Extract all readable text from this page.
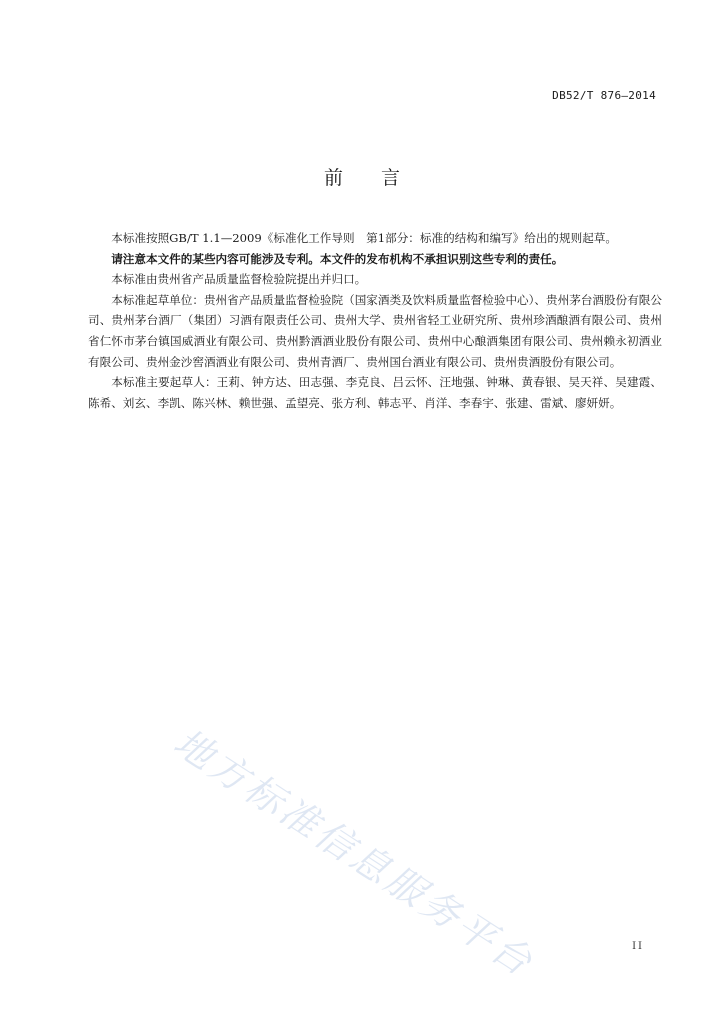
DB52/T 876—2014
前言

本标准按照GB/T 1.1—2009《标准化工作导则　第1部分：标准的结构和编写》给出的规则起草。

请注意本文件的某些内容可能涉及专利。本文件的发布机构不承担识别这些专利的责任。

本标准由贵州省产品质量监督检验院提出并归口。

本标准起草单位：贵州省产品质量监督检验院（国家酒类及饮料质量监督检验中心）、贵州茅台酒股份有限公司、贵州茅台酒厂（集团）习酒有限责任公司、贵州大学、贵州省轻工业研究所、贵州珍酒酿酒有限公司、贵州省仁怀市茅台镇国威酒业有限公司、贵州黔酒酒业股份有限公司、贵州中心酿酒集团有限公司、贵州赖永初酒业有限公司、贵州金沙窖酒酒业有限公司、贵州青酒厂、贵州国台酒业有限公司、贵州贵酒股份有限公司。

本标准主要起草人：王莉、钟方达、田志强、李克良、吕云怀、汪地强、钟琳、黄春银、吴天祥、吴建霞、陈希、刘玄、李凯、陈兴林、赖世强、孟望亮、张方利、韩志平、肖洋、李春宇、张建、雷斌、廖妍妍。

地方标准信息服务平台	II
